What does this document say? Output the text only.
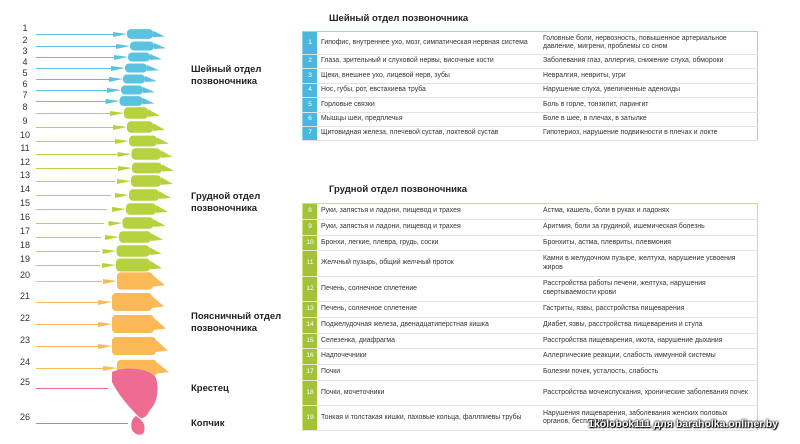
1
2
3
4
5
6
7
8
9
10
11
12
13
14
15
16
17
18
19
20
21
22
23
24
25
26
Шейный отдел позвоночника
Грудной отдел позвоночника
Поясничный отдел позвоночника
Крестец
Копчик
Шейный отдел позвоночника
1	Гипофис, внутреннее ухо, мозг, симпатическая нервная система	Головные боли, нервозность, повышенное артериальное давление, мигрени, проблемы со сном
2	Глаза, зрительный и слуховой нервы, височные кости	Заболевания глаз, аллергия, снижение слуха, обмороки
3	Щеки, внешнее ухо, лицевой нерв, зубы	Невралгия, невриты, угри
4	Нос, губы, рот, евстахиева труба	Нарушение слуха, увеличенные аденоиды
5	Горловые связки	Боль в горле, тонзилит, ларингит
6	Мышцы шеи, предплечья	Боле в шее, в плечах, в затылке
7	Щитовидная железа, плечевой сустав, локтевой сустав	Гипотериоз, нарушение подвижности в плечах и локте
Грудной отдел позвоночника
8	Руки, запястья и ладони, пищевод и трахея	Астма, кашель, боли в руках и ладонях
9	Руки, запястья и ладони, пищевод и трахея	Аритмия, боли за грудиной, ишемическая болезнь
10	Бронхи, легкие, плевра, грудь, соски	Бронхиты, астма, плевриты, плевмония
11	Желчный пузырь, общий желчный проток	Камни в желудочном пузыре, желтуха, нарушение усвоения жиров
12	Печень, солнечное сплетение	Расстройства работы печени, желтуха, нарушения свертываемости крови
13	Печень, солнечное сплетение	Гастриты, язвы, расстройства пищеварения
14	Поджелудочная железа, двенадцатиперстная кишка	Диабет, язвы, расстройства пищеварения и стула
15	Селезенка, диафрагма	Расстройства пищеварения, икота, нарушение дыхания
16	Надпочечники	Аллергические реакции, слабость иммунной системы
17	Почки	Болезни почек, усталость, слабость
18	Почки, мочеточники	Расстройства мочеиспускания, хронические заболевания почек
19	Тонкая и толстакая кишки, паховые кольца, фаллпиевы трубы	Нарушения пищеварения, заболевания женских половых органов, бесплодие
1kolobok111 для baraholka.onliner.by
